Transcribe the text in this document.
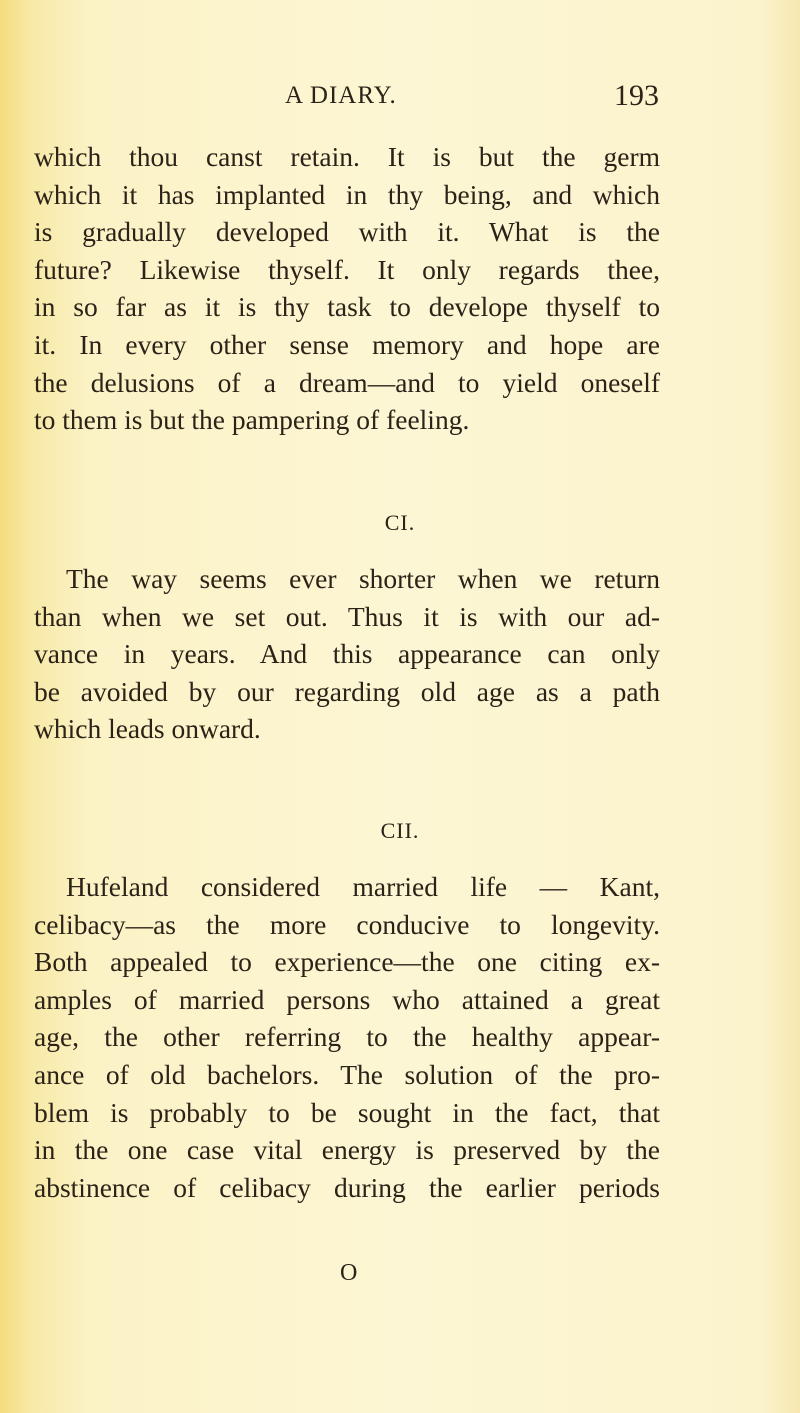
A DIARY.	193
which thou canst retain. It is but the germ
which it has implanted in thy being, and which
is gradually developed with it. What is the
future? Likewise thyself. It only regards thee,
in so far as it is thy task to develope thyself to
it. In every other sense memory and hope are
the delusions of a dream—and to yield oneself
to them is but the pampering of feeling.
CI.
The way seems ever shorter when we return
than when we set out. Thus it is with our ad-
vance in years. And this appearance can only
be avoided by our regarding old age as a path
which leads onward.
CII.
Hufeland considered married life — Kant,
celibacy—as the more conducive to longevity.
Both appealed to experience—the one citing ex-
amples of married persons who attained a great
age, the other referring to the healthy appear-
ance of old bachelors. The solution of the pro-
blem is probably to be sought in the fact, that
in the one case vital energy is preserved by the
abstinence of celibacy during the earlier periods
O
